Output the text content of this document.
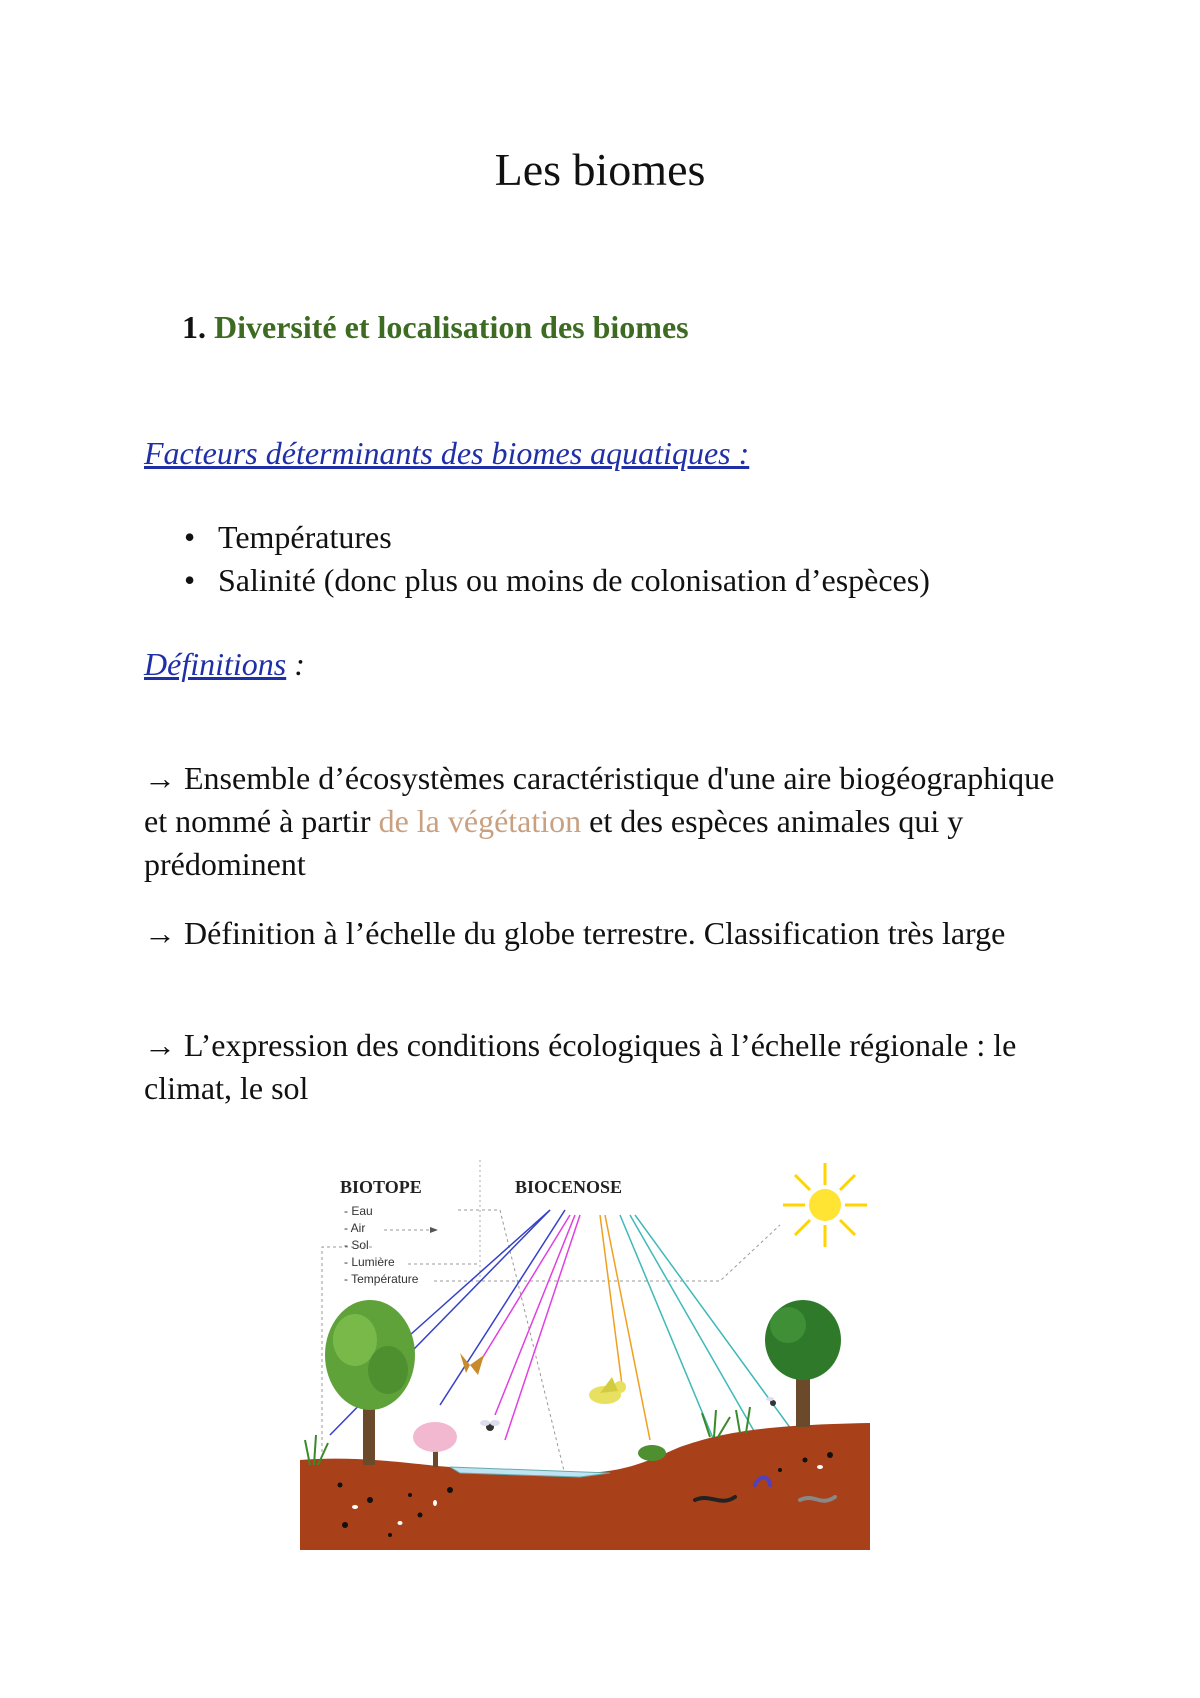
Les biomes
1. Diversité et localisation des biomes
Facteurs déterminants des biomes aquatiques :
• Températures
• Salinité (donc plus ou moins de colonisation d’espèces)
Définitions :
→ Ensemble d’écosystèmes caractéristique d'une aire biogéographique et nommé à partir de la végétation et des espèces animales qui y prédominent
→ Définition à l’échelle du globe terrestre. Classification très large
→ L’expression des conditions écologiques à l’échelle régionale : le climat, le sol
BIOTOPE	BIOCENOSE
- Eau
- Air
- Sol
- Lumière
- Température
